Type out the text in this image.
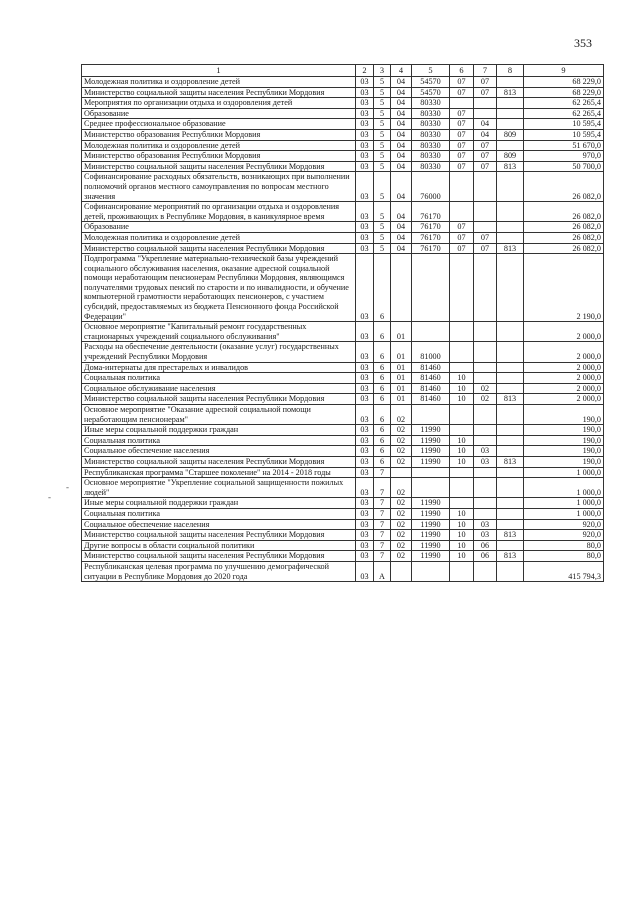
353
-
-
1	2	3	4	5	6	7	8	9
Молодежная политика и оздоровление детей	03	5	04	54570	07	07		68 229,0
Министерство социальной защиты населения Республики Мордовия	03	5	04	54570	07	07	813	68 229,0
Мероприятия по организации отдыха и оздоровления детей	03	5	04	80330				62 265,4
Образование	03	5	04	80330	07			62 265,4
Среднее профессиональное образование	03	5	04	80330	07	04		10 595,4
Министерство образования Республики Мордовия	03	5	04	80330	07	04	809	10 595,4
Молодежная политика и оздоровление детей	03	5	04	80330	07	07		51 670,0
Министерство образования Республики Мордовия	03	5	04	80330	07	07	809	970,0
Министерство социальной защиты населения Республики Мордовия	03	5	04	80330	07	07	813	50 700,0
Софинансирование расходных обязательств, возникающих при выполнении полномочий органов местного самоуправления по вопросам местного значения	03	5	04	76000				26 082,0
Софинансирование мероприятий по организации отдыха и оздоровления детей, проживающих в Республике Мордовия, в каникулярное время	03	5	04	76170				26 082,0
Образование	03	5	04	76170	07			26 082,0
Молодежная политика и оздоровление детей	03	5	04	76170	07	07		26 082,0
Министерство социальной защиты населения Республики Мордовия	03	5	04	76170	07	07	813	26 082,0
Подпрограмма "Укрепление материально-технической базы учреждений социального обслуживания населения, оказание адресной социальной помощи неработающим пенсионерам Республики Мордовия, являющимся получателями трудовых пенсий по старости и по инвалидности, и обучение компьютерной грамотности неработающих пенсионеров, с участием субсидий, предоставляемых из бюджета Пенсионного фонда Российской Федерации"	03	6						2 190,0
Основное мероприятие "Капитальный ремонт государственных стационарных учреждений социального обслуживания"	03	6	01					2 000,0
Расходы на обеспечение деятельности (оказание услуг) государственных учреждений Республики Мордовия	03	6	01	81000				2 000,0
Дома-интернаты для престарелых и инвалидов	03	6	01	81460				2 000,0
Социальная политика	03	6	01	81460	10			2 000,0
Социальное обслуживание населения	03	6	01	81460	10	02		2 000,0
Министерство социальной защиты населения Республики Мордовия	03	6	01	81460	10	02	813	2 000,0
Основное мероприятие "Оказание адресной социальной помощи неработающим пенсионерам"	03	6	02					190,0
Иные меры социальной поддержки граждан	03	6	02	11990				190,0
Социальная политика	03	6	02	11990	10			190,0
Социальное обеспечение населения	03	6	02	11990	10	03		190,0
Министерство социальной защиты населения Республики Мордовия	03	6	02	11990	10	03	813	190,0
Республиканская программа "Старшее поколение" на 2014 - 2018 годы	03	7						1 000,0
Основное мероприятие "Укрепление социальной защищенности пожилых людей"	03	7	02					1 000,0
Иные меры социальной поддержки граждан	03	7	02	11990				1 000,0
Социальная политика	03	7	02	11990	10			1 000,0
Социальное обеспечение населения	03	7	02	11990	10	03		920,0
Министерство социальной защиты населения Республики Мордовия	03	7	02	11990	10	03	813	920,0
Другие вопросы в области социальной политики	03	7	02	11990	10	06		80,0
Министерство социальной защиты населения Республики Мордовия	03	7	02	11990	10	06	813	80,0
Республиканская целевая программа по улучшению демографической ситуации в Республике Мордовия до 2020 года	03	А						415 794,3
